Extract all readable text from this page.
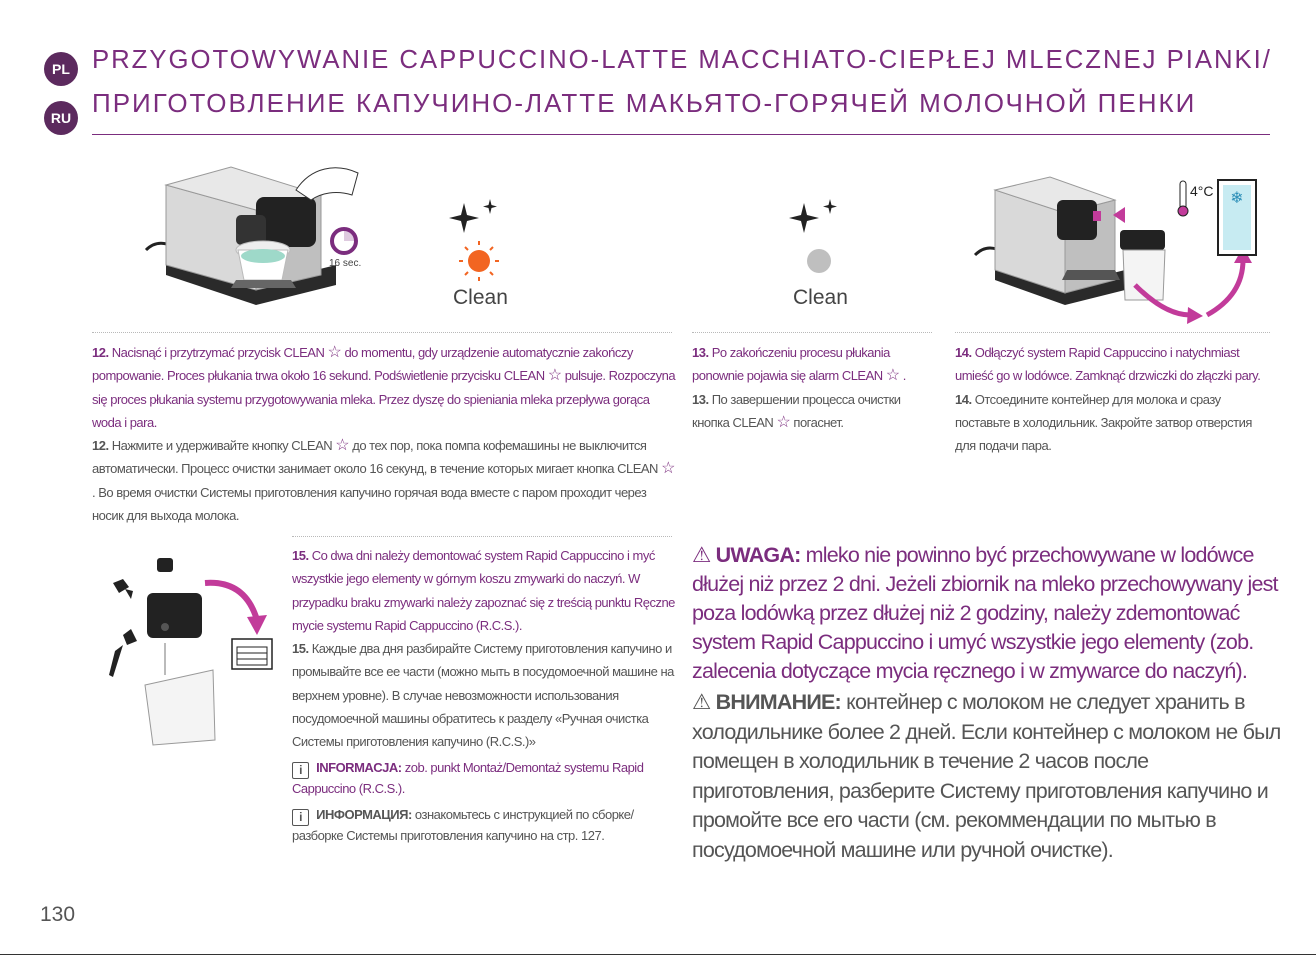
PL
RU
PRZYGOTOWYWANIE CAPPUCCINO-LATTE MACCHIATO-CIEPŁEJ MLECZNEJ PIANKI/
ПРИГОТОВЛЕНИЕ КАПУЧИНО-ЛАТТЕ МАКЬЯТО-ГОРЯЧЕЙ МОЛОЧНОЙ ПЕНКИ
16 sec.
Clean	Clean
❄
4°C
12. Nacisnąć i przytrzymać przycisk CLEAN ☆ do momentu, gdy urządzenie automatycznie zakończy pompowanie. Proces płukania trwa około 16 sekund. Podświetlenie przycisku CLEAN ☆ pulsuje. Rozpoczyna się proces płukania systemu przygotowywania mleka. Przez dyszę do spieniania mleka przepływa gorąca woda i para.
12. Нажмите и удерживайте кнопку CLEAN ☆ до тех пор, пока помпа кофемашины не выключится автоматически. Процесс очистки занимает около 16 секунд, в течение которых мигает кнопка CLEAN ☆ . Во время очистки Системы приготовления капучино горячая вода вместе с паром проходит через носик для выхода молока.
13. Po zakończeniu procesu płukania ponownie pojawia się alarm CLEAN ☆ .
13. По завершении процесса очистки кнопка CLEAN ☆ погаснет.
14. Odłączyć system Rapid Cappuccino i natychmiast umieść go w lodówce. Zamknąć drzwiczki do złączki pary.
14. Отсоедините контейнер для молока и сразу поставьте в холодильник. Закройте затвор отверстия для подачи пара.
15. Co dwa dni należy demontować system Rapid Cappuccino i myć wszystkie jego elementy w górnym koszu zmywarki do naczyń. W przypadku braku zmywarki należy zapoznać się z treścią punktu Ręczne mycie systemu Rapid Cappuccino (R.C.S.).
15. Каждые два дня разбирайте Систему приготовления капучино и промывайте все ее части (можно мыть в посудомоечной машине на верхнем уровне). В случае невозможности использования посудомоечной машины обратитесь к разделу «Ручная очистка Системы приготовления капучино (R.C.S.)»
i INFORMACJA: zob. punkt Montaż/Demontaż systemu Rapid Cappuccino (R.C.S.).
i ИНФОРМАЦИЯ: ознакомьтесь с инструкцией по сборке/ разборке Системы приготовления капучино на стр. 127.
⚠ UWAGA: mleko nie powinno być przechowywane w lodówce dłużej niż przez 2 dni. Jeżeli zbiornik na mleko przechowywany jest poza lodówką przez dłużej niż 2 godziny, należy zdemontować system Rapid Cappuccino i umyć wszystkie jego elementy (zob. zalecenia dotyczące mycia ręcznego i w zmywarce do naczyń).
⚠ ВНИМАНИЕ: контейнер с молоком не следует хранить в холодильнике более 2 дней. Если контейнер с молоком не был помещен в холодильник в течение 2 часов после приготовления, разберите Систему приготовления капучино и промойте все его части (см. рекоммендации по мытью в посудомоечной машине или ручной очистке).
130
